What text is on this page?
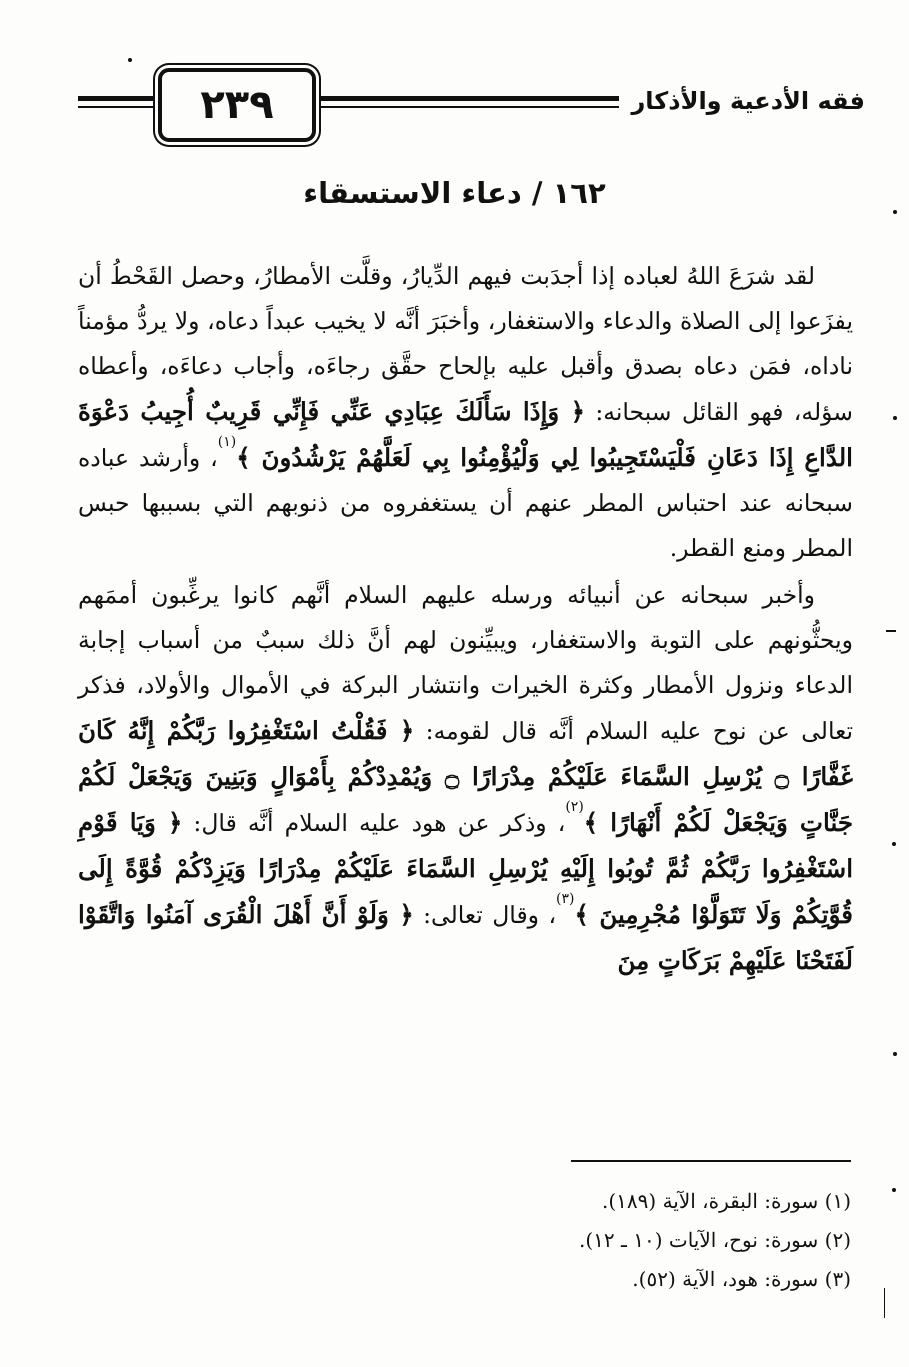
فقه الأدعية والأذكار
٢٣٩
١٦٢ / دعاء الاستسقاء

لقد شرَعَ اللهُ لعباده إذا أجدَبت فيهم الدِّيارُ، وقلَّت الأمطارُ، وحصل القَحْطُ أن يفزَعوا إلى الصلاة والدعاء والاستغفار، وأخبَرَ أنَّه لا يخيب عبداً دعاه، ولا يردُّ مؤمناً ناداه، فمَن دعاه بصدق وأقبل عليه بإلحاح حقَّق رجاءَه، وأجاب دعاءَه، وأعطاه سؤله، فهو القائل سبحانه: ﴿ وَإِذَا سَأَلَكَ عِبَادِي عَنِّي فَإِنِّي قَرِيبٌ أُجِيبُ دَعْوَةَ الدَّاعِ إِذَا دَعَانِ فَلْيَسْتَجِيبُوا لِي وَلْيُؤْمِنُوا بِي لَعَلَّهُمْ يَرْشُدُونَ ﴾$^{(١)}$، وأرشد عباده سبحانه عند احتباس المطر عنهم أن يستغفروه من ذنوبهم التي بسببها حبس المطر ومنع القطر.

وأخبر سبحانه عن أنبيائه ورسله عليهم السلام أنَّهم كانوا يرغِّبون أممَهم ويحثُّونهم على التوبة والاستغفار، ويبيِّنون لهم أنَّ ذلك سببٌ من أسباب إجابة الدعاء ونزول الأمطار وكثرة الخيرات وانتشار البركة في الأموال والأولاد، فذكر تعالى عن نوح عليه السلام أنَّه قال لقومه: ﴿ فَقُلْتُ اسْتَغْفِرُوا رَبَّكُمْ إِنَّهُ كَانَ غَفَّارًا ۝ يُرْسِلِ السَّمَاءَ عَلَيْكُمْ مِدْرَارًا ۝ وَيُمْدِدْكُمْ بِأَمْوَالٍ وَبَنِينَ وَيَجْعَلْ لَكُمْ جَنَّاتٍ وَيَجْعَلْ لَكُمْ أَنْهَارًا ﴾$^{(٢)}$، وذكر عن هود عليه السلام أنَّه قال: ﴿ وَيَا قَوْمِ اسْتَغْفِرُوا رَبَّكُمْ ثُمَّ تُوبُوا إِلَيْهِ يُرْسِلِ السَّمَاءَ عَلَيْكُمْ مِدْرَارًا وَيَزِدْكُمْ قُوَّةً إِلَى قُوَّتِكُمْ وَلَا تَتَوَلَّوْا مُجْرِمِينَ ﴾$^{(٣)}$، وقال تعالى: ﴿ وَلَوْ أَنَّ أَهْلَ الْقُرَى آمَنُوا وَاتَّقَوْا لَفَتَحْنَا عَلَيْهِمْ بَرَكَاتٍ مِنَ

(١) سورة: البقرة، الآية (١٨٩).
(٢) سورة: نوح، الآيات (١٠ ـ ١٢).
(٣) سورة: هود، الآية (٥٢).
